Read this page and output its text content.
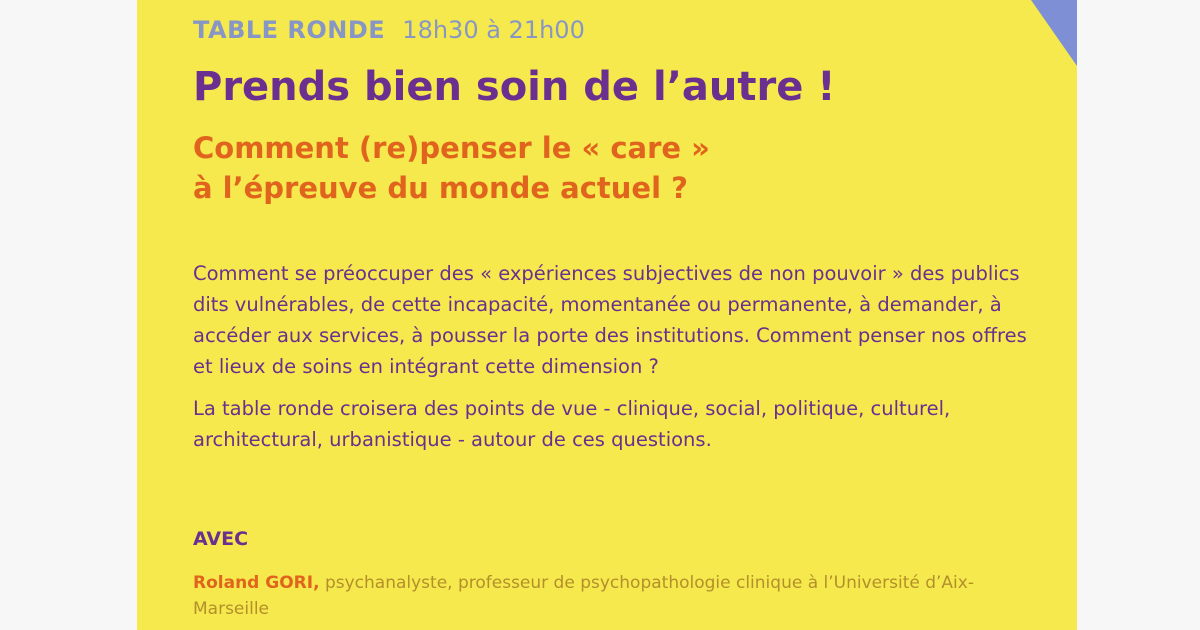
TABLE RONDE 18h30 à 21h00
Prends bien soin de l’autre !
Comment (re)penser le « care »
à l’épreuve du monde actuel ?

Comment se préoccuper des « expériences subjectives de non pouvoir » des publics dits vulnérables, de cette incapacité, momentanée ou permanente, à demander, à accéder aux services, à pousser la porte des institutions. Comment penser nos offres et lieux de soins en intégrant cette dimension ?

La table ronde croisera des points de vue - clinique, social, politique, culturel, architectural, urbanistique - autour de ces questions.

AVEC
Roland GORI, psychanalyste, professeur de psychopathologie clinique à l’Université d’Aix-Marseille
